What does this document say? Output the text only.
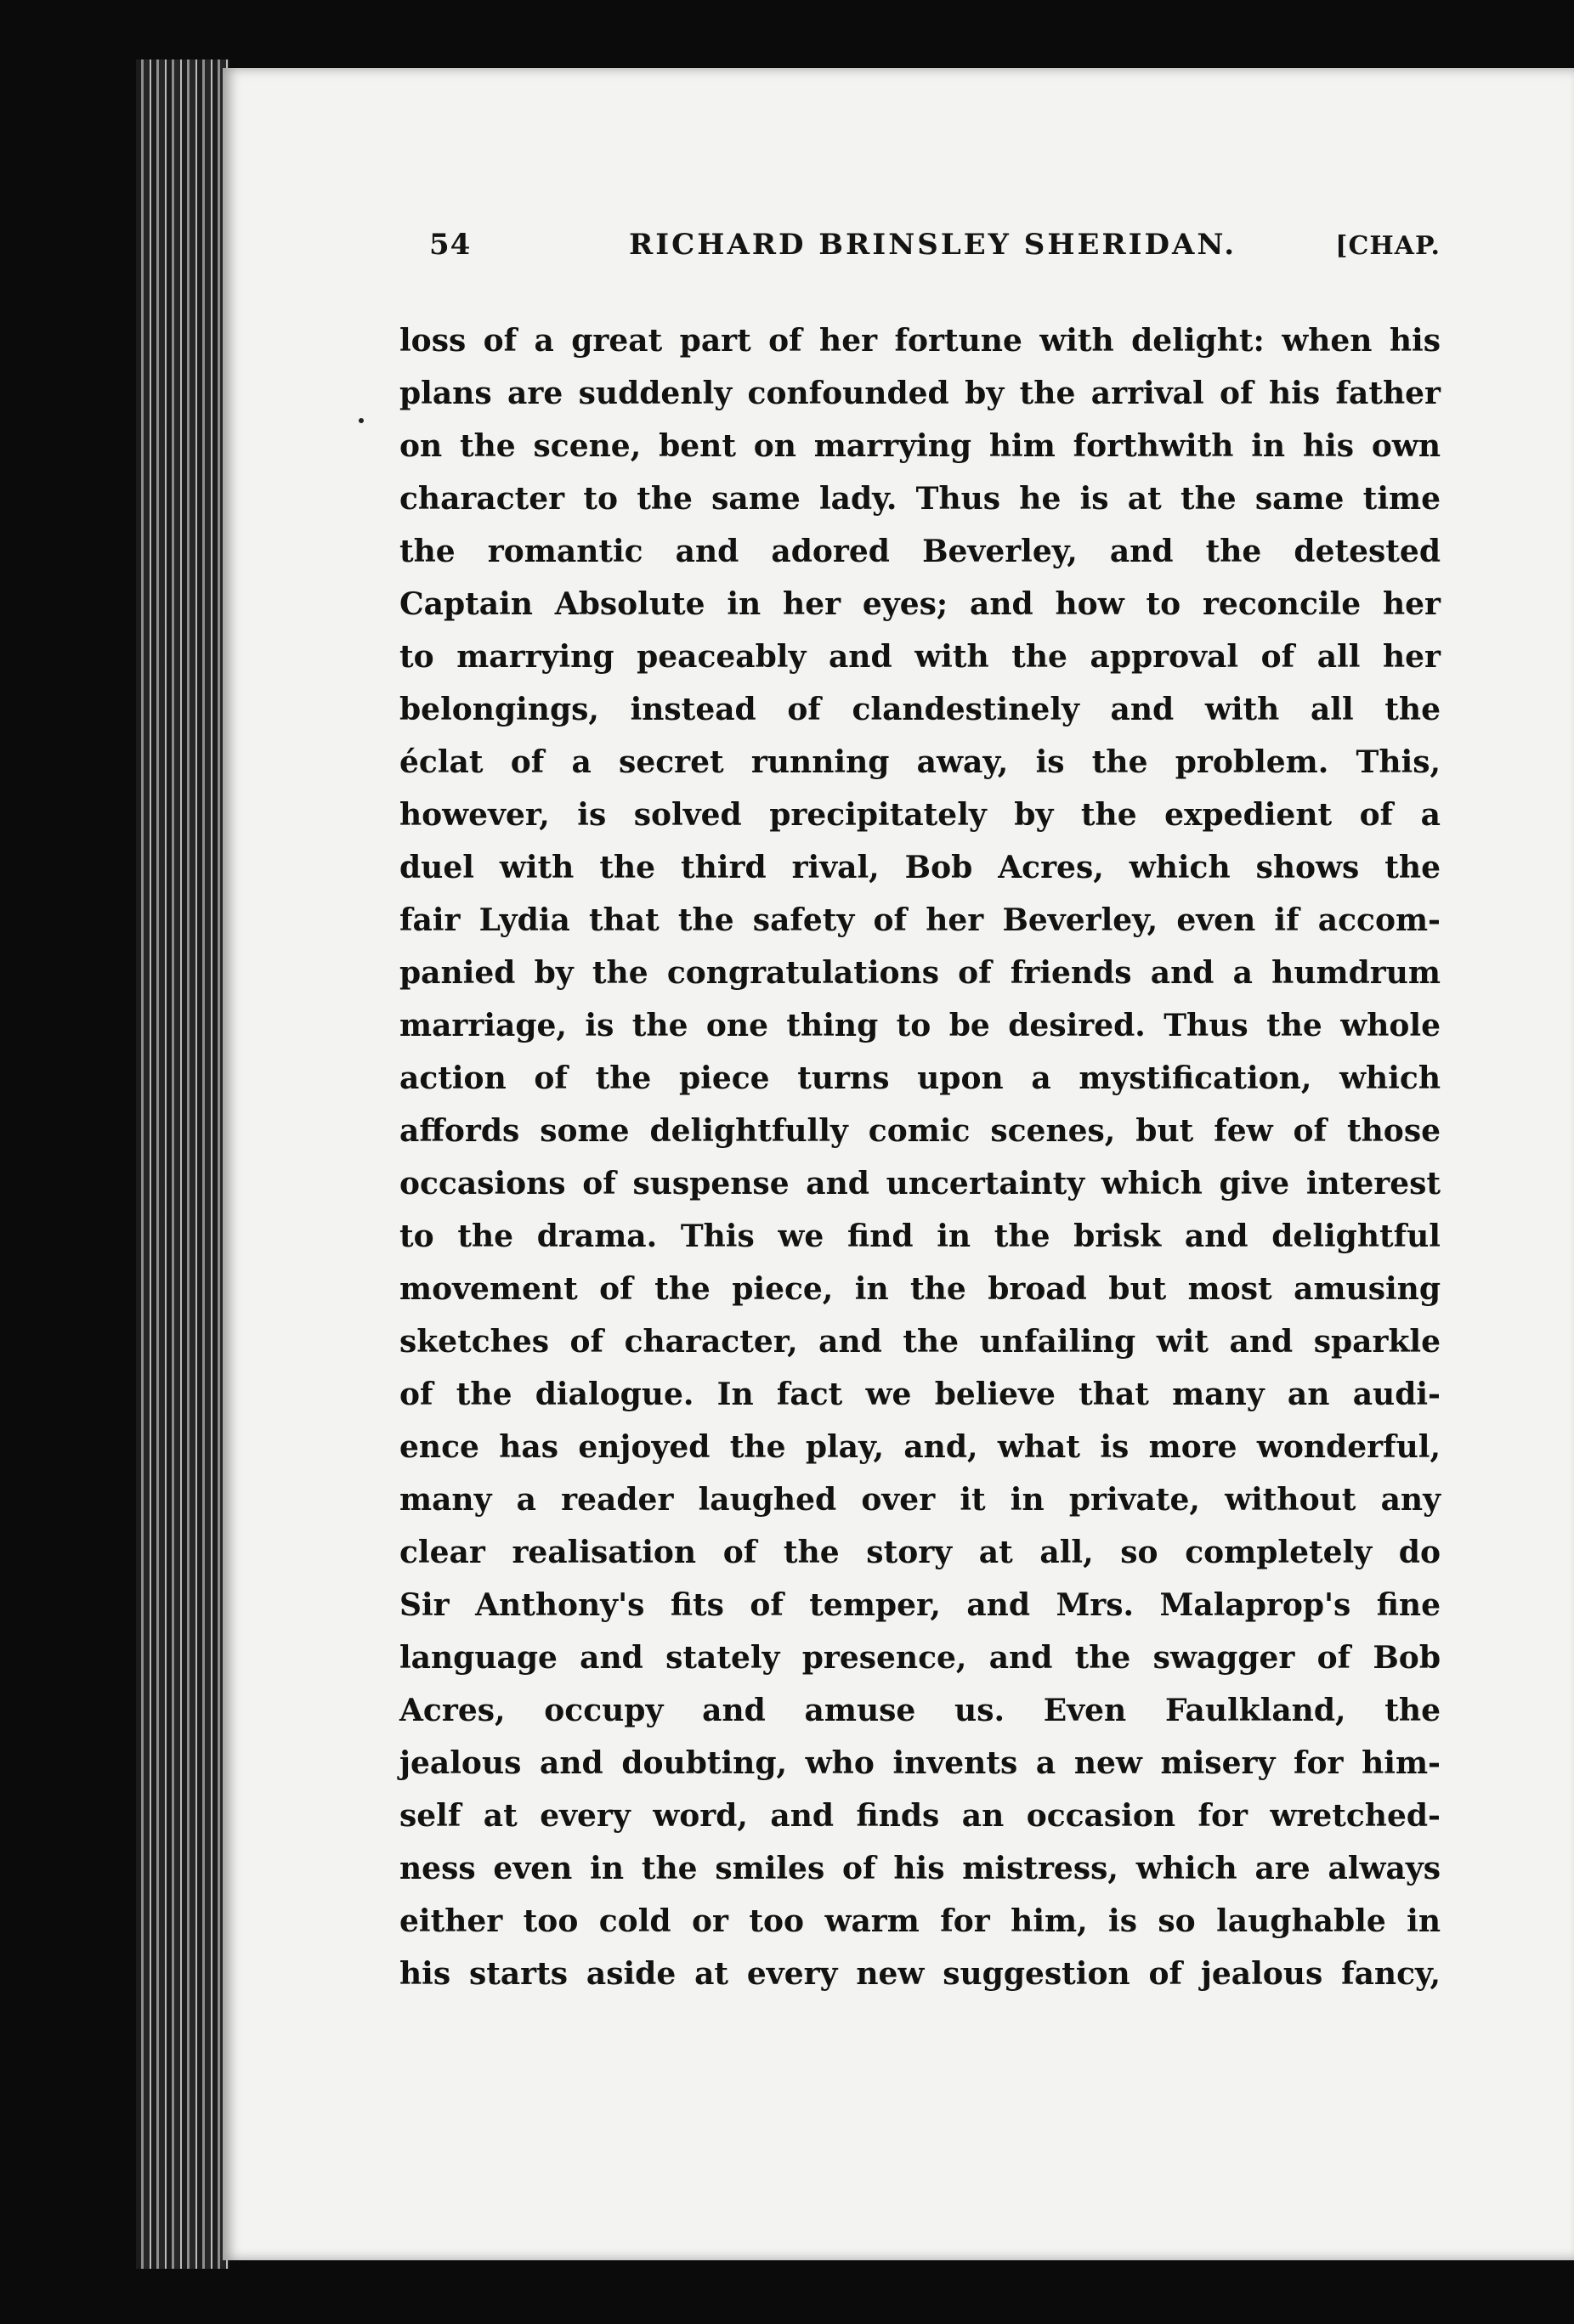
54	RICHARD BRINSLEY SHERIDAN.	[CHAP.
loss of a great part of her fortune with delight: when his
plans are suddenly confounded by the arrival of his father
on the scene, bent on marrying him forthwith in his own
character to the same lady. Thus he is at the same time
the romantic and adored Beverley, and the detested
Captain Absolute in her eyes; and how to reconcile her
to marrying peaceably and with the approval of all her
belongings, instead of clandestinely and with all the
éclat of a secret running away, is the problem. This,
however, is solved precipitately by the expedient of a
duel with the third rival, Bob Acres, which shows the
fair Lydia that the safety of her Beverley, even if accom-
panied by the congratulations of friends and a humdrum
marriage, is the one thing to be desired. Thus the whole
action of the piece turns upon a mystification, which
affords some delightfully comic scenes, but few of those
occasions of suspense and uncertainty which give interest
to the drama. This we find in the brisk and delightful
movement of the piece, in the broad but most amusing
sketches of character, and the unfailing wit and sparkle
of the dialogue. In fact we believe that many an audi-
ence has enjoyed the play, and, what is more wonderful,
many a reader laughed over it in private, without any
clear realisation of the story at all, so completely do
Sir Anthony's fits of temper, and Mrs. Malaprop's fine
language and stately presence, and the swagger of Bob
Acres, occupy and amuse us. Even Faulkland, the
jealous and doubting, who invents a new misery for him-
self at every word, and finds an occasion for wretched-
ness even in the smiles of his mistress, which are always
either too cold or too warm for him, is so laughable in
his starts aside at every new suggestion of jealous fancy,
